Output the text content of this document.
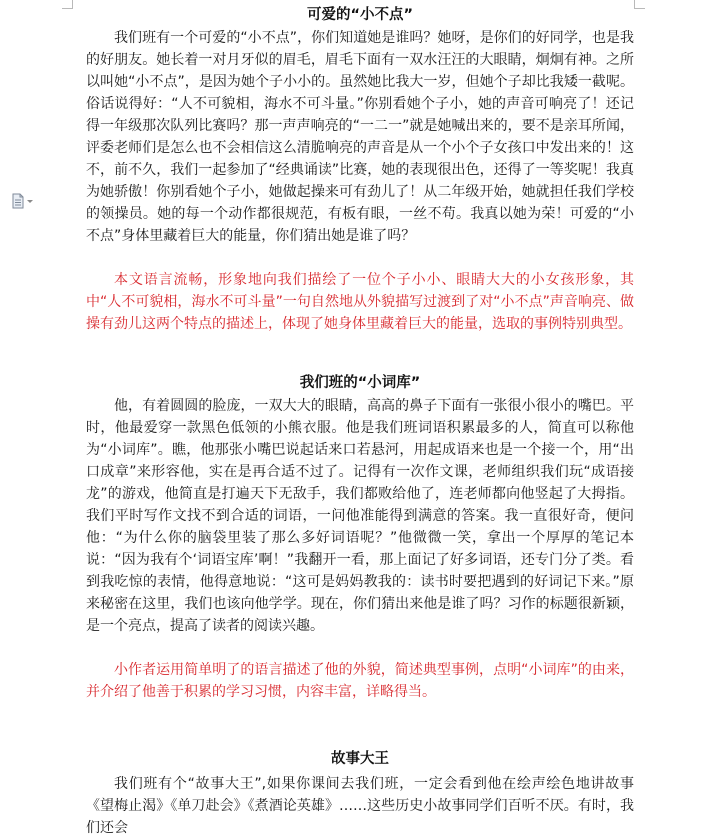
可爱的“小不点”

我们班有一个可爱的“小不点”，你们知道她是谁吗？她呀，是你们的好同学，也是我的好朋友。她长着一对月牙似的眉毛，眉毛下面有一双水汪汪的大眼睛，炯炯有神。之所以叫她“小不点”，是因为她个子小小的。虽然她比我大一岁，但她个子却比我矮一截呢。俗话说得好：“人不可貌相，海水不可斗量。”你别看她个子小，她的声音可响亮了！还记得一年级那次队列比赛吗？那一声声响亮的“一二一”就是她喊出来的，要不是亲耳所闻，评委老师们是怎么也不会相信这么清脆响亮的声音是从一个小个子女孩口中发出来的！这不，前不久，我们一起参加了“经典诵读”比赛，她的表现很出色，还得了一等奖呢！我真为她骄傲！你别看她个子小，她做起操来可有劲儿了！从二年级开始，她就担任我们学校的领操员。她的每一个动作都很规范，有板有眼，一丝不苟。我真以她为荣！可爱的“小不点”身体里藏着巨大的能量，你们猜出她是谁了吗？

本文语言流畅，形象地向我们描绘了一位个子小小、眼睛大大的小女孩形象，其中“人不可貌相，海水不可斗量”一句自然地从外貌描写过渡到了对“小不点”声音响亮、做操有劲儿这两个特点的描述上，体现了她身体里藏着巨大的能量，选取的事例特别典型。

我们班的“小词库”

他，有着圆圆的脸庞，一双大大的眼睛，高高的鼻子下面有一张很小很小的嘴巴。平时，他最爱穿一款黑色低领的小熊衣服。他是我们班词语积累最多的人，简直可以称他为“小词库”。瞧，他那张小嘴巴说起话来口若悬河，用起成语来也是一个接一个，用“出口成章”来形容他，实在是再合适不过了。记得有一次作文课，老师组织我们玩“成语接龙”的游戏，他简直是打遍天下无敌手，我们都败给他了，连老师都向他竖起了大拇指。我们平时写作文找不到合适的词语，一问他准能得到满意的答案。我一直很好奇，便问他：“为什么你的脑袋里装了那么多好词语呢？”他微微一笑，拿出一个厚厚的笔记本说：“因为我有个‘词语宝库’啊！”我翻开一看，那上面记了好多词语，还专门分了类。看到我吃惊的表情，他得意地说：“这可是妈妈教我的：读书时要把遇到的好词记下来。”原来秘密在这里，我们也该向他学学。现在，你们猜出来他是谁了吗？习作的标题很新颖，是一个亮点，提高了读者的阅读兴趣。

小作者运用简单明了的语言描述了他的外貌，简述典型事例，点明“小词库”的由来，并介绍了他善于积累的学习习惯，内容丰富，详略得当。

故事大王

我们班有个“故事大王”,如果你课间去我们班，一定会看到他在绘声绘色地讲故事《望梅止渴》《单刀赴会》《煮酒论英雄》……这些历史小故事同学们百听不厌。有时，我们还会
